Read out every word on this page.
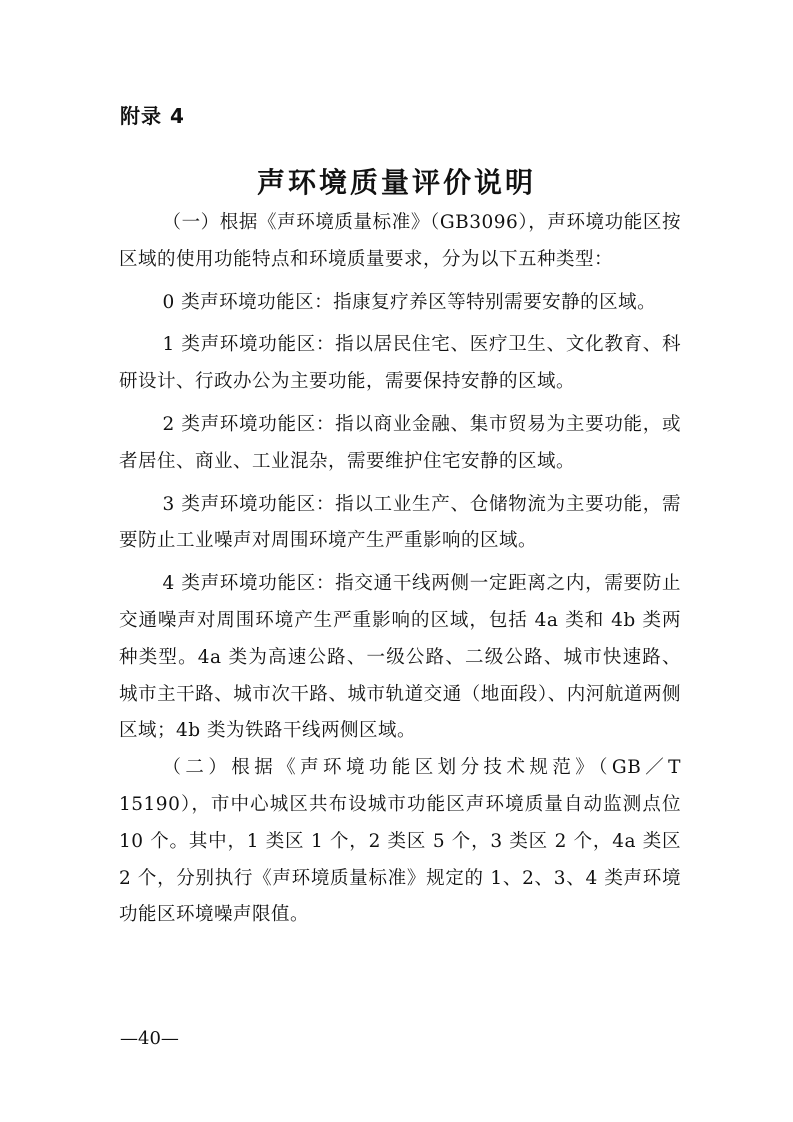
附录 4
声环境质量评价说明

（一）根据《声环境质量标准》（GB3096），声环境功能区按区域的使用功能特点和环境质量要求，分为以下五种类型：

0 类声环境功能区：指康复疗养区等特别需要安静的区域。

1 类声环境功能区：指以居民住宅、医疗卫生、文化教育、科研设计、行政办公为主要功能，需要保持安静的区域。

2 类声环境功能区：指以商业金融、集市贸易为主要功能，或者居住、商业、工业混杂，需要维护住宅安静的区域。

3 类声环境功能区：指以工业生产、仓储物流为主要功能，需要防止工业噪声对周围环境产生严重影响的区域。

4 类声环境功能区：指交通干线两侧一定距离之内，需要防止交通噪声对周围环境产生严重影响的区域，包括 4a 类和 4b 类两种类型。4a 类为高速公路、一级公路、二级公路、城市快速路、城市主干路、城市次干路、城市轨道交通（地面段）、内河航道两侧区域；4b 类为铁路干线两侧区域。

（二）根据《声环境功能区划分技术规范》（GB／T 15190），市中心城区共布设城市功能区声环境质量自动监测点位 10 个。其中，1 类区 1 个，2 类区 5 个，3 类区 2 个，4a 类区 2 个，分别执行《声环境质量标准》规定的 1、2、3、4 类声环境功能区环境噪声限值。

—40—
